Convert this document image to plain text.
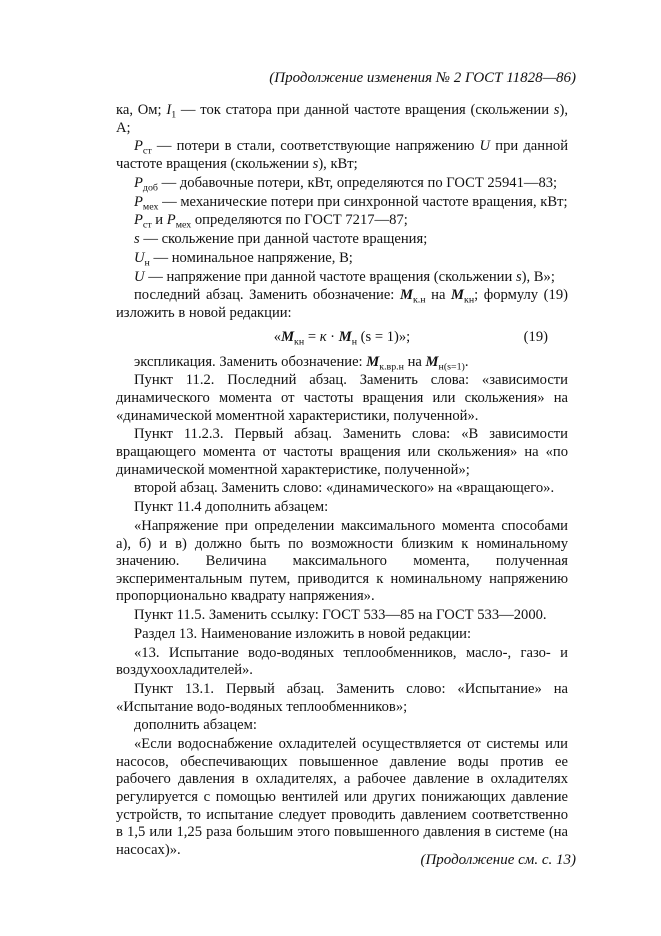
(Продолжение изменения № 2 ГОСТ 11828—86)

ка, Ом; $I_1$ — ток статора при данной частоте вращения (скольжении s), А;

$P_{ст}$ — потери в стали, соответствующие напряжению U при данной частоте вращения (скольжении s), кВт;

$P_{доб}$ — добавочные потери, кВт, определяются по ГОСТ 25941—83;

$P_{мех}$ — механические потери при синхронной частоте вращения, кВт;

$P_{ст}$ и $P_{мех}$ определяются по ГОСТ 7217—87;

s — скольжение при данной частоте вращения;

$U_н$ — номинальное напряжение, В;

U — напряжение при данной частоте вращения (скольжении s), В»;

последний абзац. Заменить обозначение: $M_{к.н}$ на $M_{кн}$; формулу (19) изложить в новой редакции:

«$M_{кн} = к \cdot M_н$ (s = 1)»;	(19)

экспликация. Заменить обозначение: $M_{к.вр.н}$ на $M_{н(s=1)}$.

Пункт 11.2. Последний абзац. Заменить слова: «зависимости динамического момента от частоты вращения или скольжения» на «динамической моментной характеристики, полученной».

Пункт 11.2.3. Первый абзац. Заменить слова: «В зависимости вращающего момента от частоты вращения или скольжения» на «по динамической моментной характеристике, полученной»;

второй абзац. Заменить слово: «динамического» на «вращающего».

Пункт 11.4 дополнить абзацем:

«Напряжение при определении максимального момента способами а), б) и в) должно быть по возможности близким к номинальному значению. Величина максимального момента, полученная экспериментальным путем, приводится к номинальному напряжению пропорционально квадрату напряжения».

Пункт 11.5. Заменить ссылку: ГОСТ 533—85 на ГОСТ 533—2000.

Раздел 13. Наименование изложить в новой редакции:

«13. Испытание водо-водяных теплообменников, масло-, газо- и воздухоохладителей».

Пункт 13.1. Первый абзац. Заменить слово: «Испытание» на «Испытание водо-водяных теплообменников»;

дополнить абзацем:

«Если водоснабжение охладителей осуществляется от системы или насосов, обеспечивающих повышенное давление воды против ее рабочего давления в охладителях, а рабочее давление в охладителях регулируется с помощью вентилей или других понижающих давление устройств, то испытание следует проводить давлением соответственно в 1,5 или 1,25 раза большим этого повышенного давления в системе (на насосах)».

(Продолжение см. с. 13)
